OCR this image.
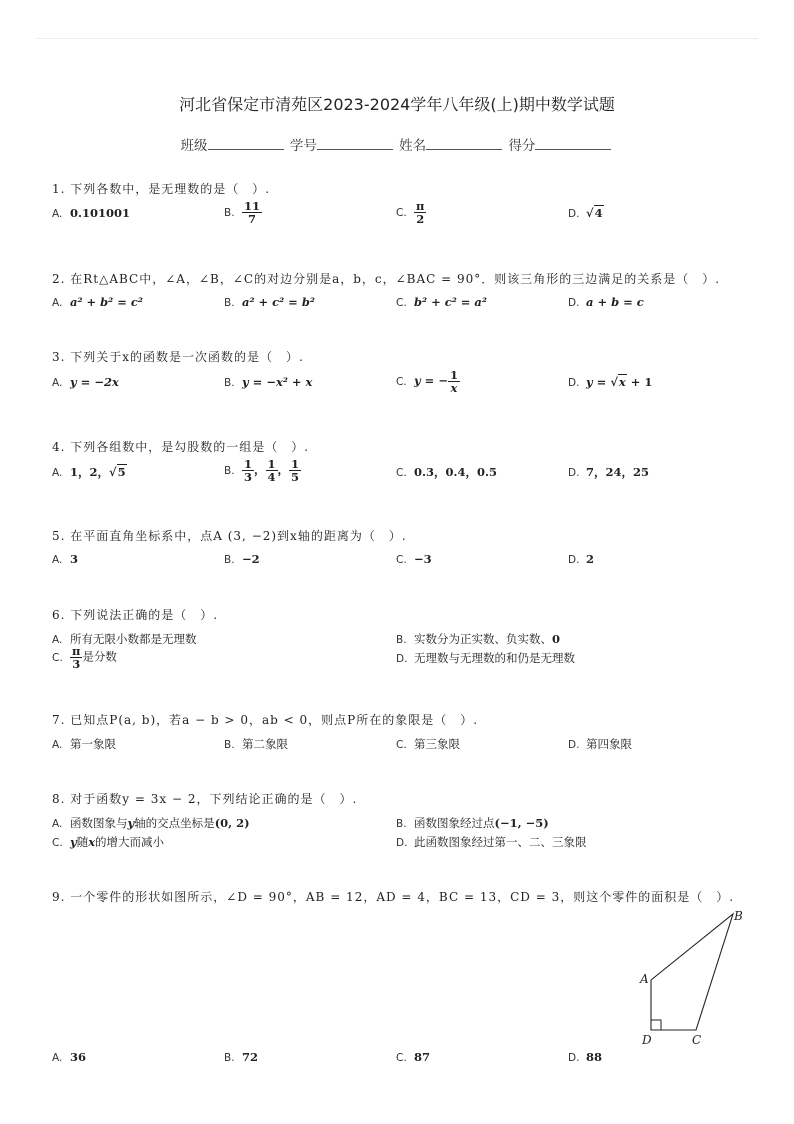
河北省保定市清苑区2023-2024学年八年级(上)期中数学试题
班级	学号	姓名	得分
1. 下列各数中，是无理数的是（　）.
A. 0.101001	B. $\frac{11}{7}$	C. $\frac{\pi}{2}$	D. √4
2. 在Rt△ABC中，∠A，∠B，∠C的对边分别是a，b，c，∠BAC = 90°．则该三角形的三边满足的关系是（　）.
A. a² + b² = c²	B. a² + c² = b²	C. b² + c² = a²	D. a + b = c
3. 下列关于x的函数是一次函数的是（　）.
A. y = −2x	B. y = −x² + x	C. y = − $\frac{1}{x}$	D. y = √x + 1
4. 下列各组数中，是勾股数的一组是（　）.
A. 1，2，√5	B. $\frac{1}{3}$ ， $\frac{1}{4}$ ， $\frac{1}{5}$	C. 0.3，0.4，0.5	D. 7，24，25
5. 在平面直角坐标系中，点A (3, −2)到x轴的距离为（　）.
A. 3	B. −2	C. −3	D. 2
6. 下列说法正确的是（　）.
A. 所有无限小数都是无理数	B. 实数分为正实数、负实数、0
C. $\frac{\pi}{3}$ 是分数	D. 无理数与无理数的和仍是无理数
7. 已知点P(a, b)，若a − b > 0，ab < 0，则点P所在的象限是（　）.
A. 第一象限	B. 第二象限	C. 第三象限	D. 第四象限
8. 对于函数y = 3x − 2，下列结论正确的是（　）.
A. 函数图象与y轴的交点坐标是(0, 2)	B. 函数图象经过点(−1, −5)
C. y随x的增大而减小	D. 此函数图象经过第一、二、三象限
9. 一个零件的形状如图所示，∠D = 90°，AB = 12，AD = 4，BC = 13，CD = 3，则这个零件的面积是（　）.
A
B
C
D
A. 36	B. 72	C. 87	D. 88
